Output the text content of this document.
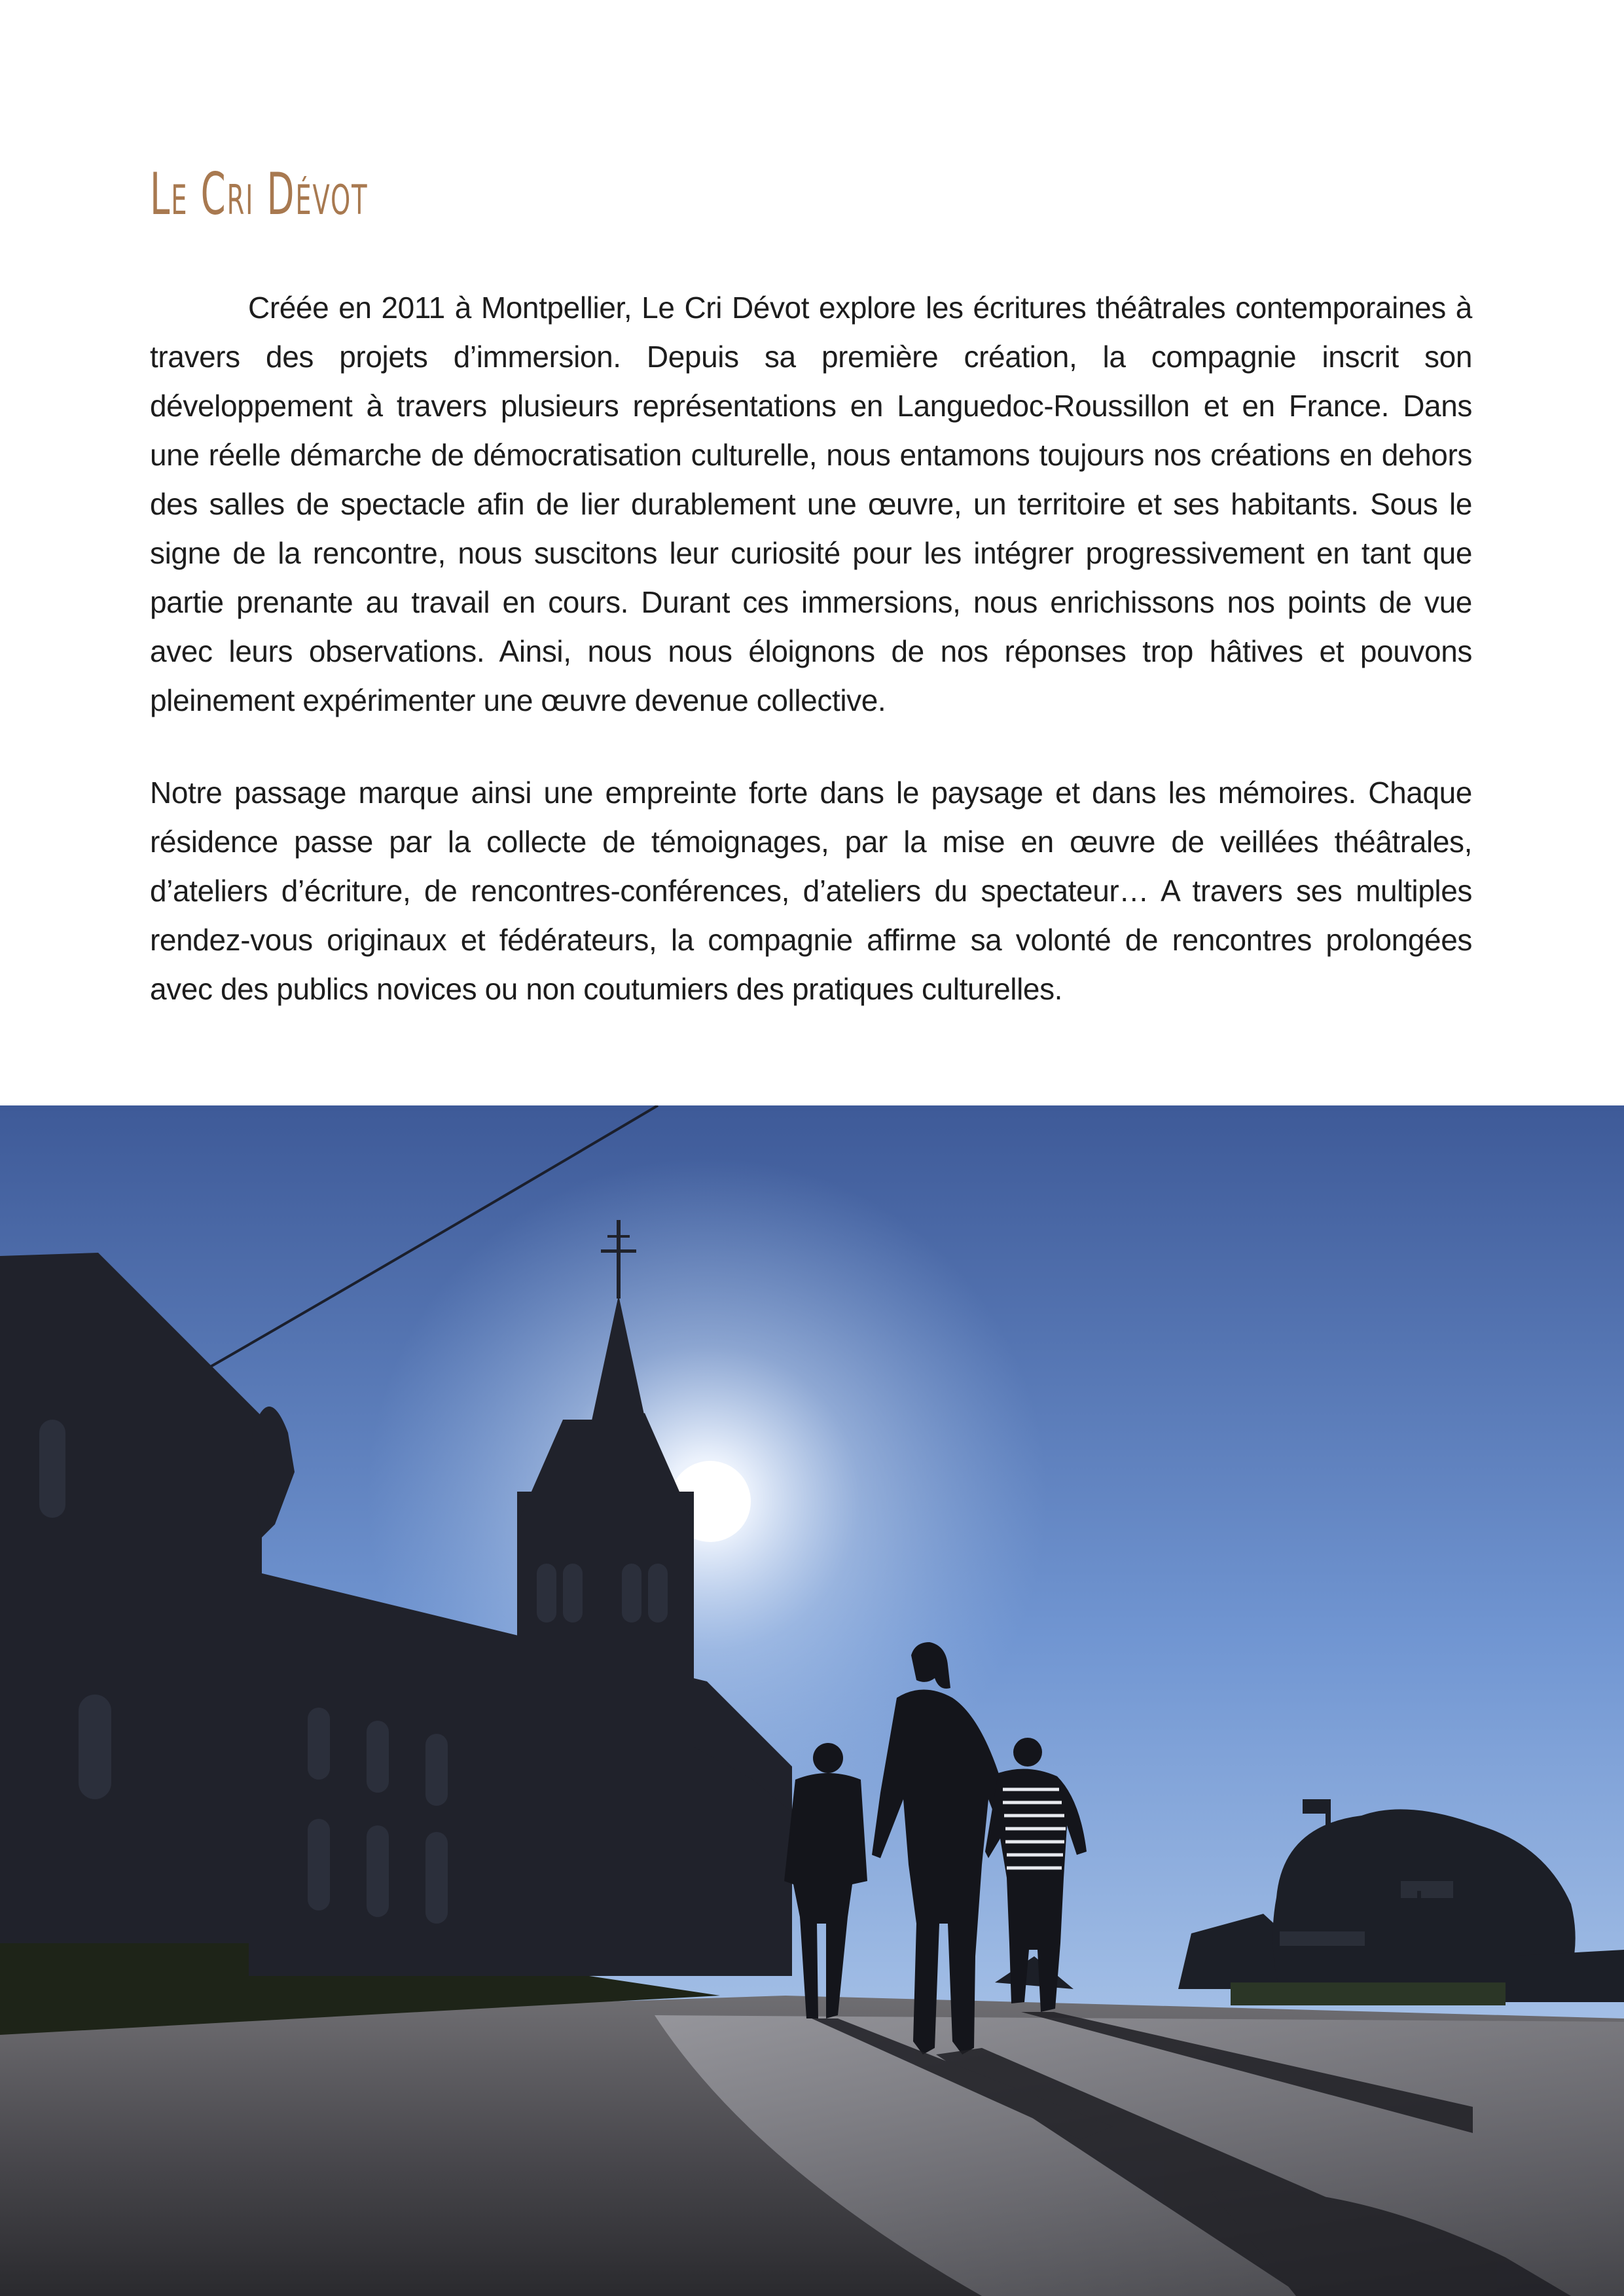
Le Cri Dévot

Créée en 2011 à Montpellier, Le Cri Dévot explore les écritures théâtrales contemporaines à travers des projets d’immersion. Depuis sa première création, la compagnie inscrit son développement à travers plusieurs représentations en Languedoc-Roussillon et en France. Dans une réelle démarche de démocratisation culturelle, nous entamons toujours nos créations en dehors des salles de spectacle afin de lier durablement une œuvre, un territoire et ses habitants. Sous le signe de la rencontre, nous suscitons leur curiosité pour les intégrer progressivement en tant que partie prenante au travail en cours. Durant ces immersions, nous enrichissons nos points de vue avec leurs observations. Ainsi, nous nous éloignons de nos réponses trop hâtives et pouvons pleinement expérimenter une œuvre devenue collective.

Notre passage marque ainsi une empreinte forte dans le paysage et dans les mémoires. Chaque résidence passe par la collecte de témoignages, par la mise en œuvre de veillées théâtrales, d’ateliers d’écriture, de rencontres-conférences, d’ateliers du spectateur… A travers ses multiples rendez-vous originaux et fédérateurs, la compagnie affirme sa volonté de rencontres prolongées avec des publics novices ou non coutumiers des pratiques culturelles.
